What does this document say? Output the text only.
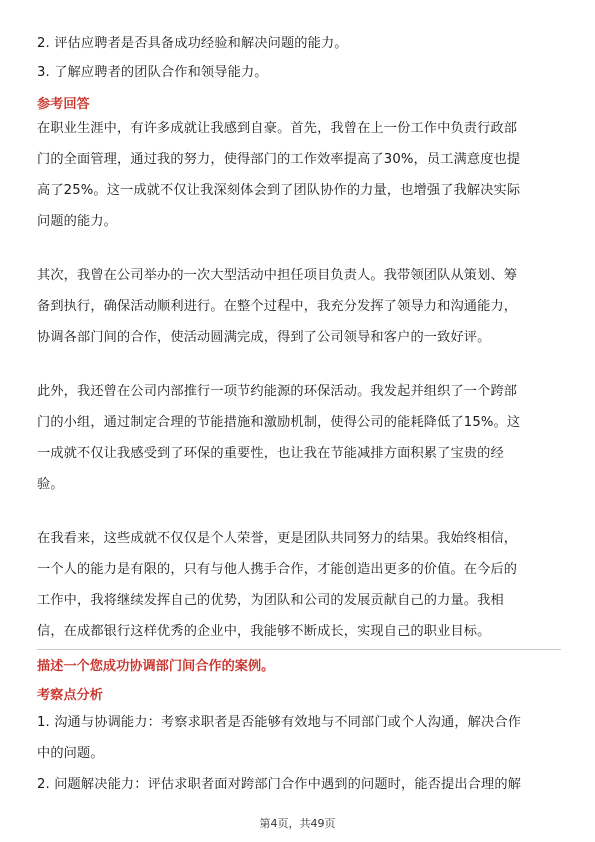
2. 评估应聘者是否具备成功经验和解决问题的能力。
3. 了解应聘者的团队合作和领导能力。
参考回答
在职业生涯中，有许多成就让我感到自豪。首先，我曾在上一份工作中负责行政部
门的全面管理，通过我的努力，使得部门的工作效率提高了30%，员工满意度也提
高了25%。这一成就不仅让我深刻体会到了团队协作的力量，也增强了我解决实际
问题的能力。
其次，我曾在公司举办的一次大型活动中担任项目负责人。我带领团队从策划、筹
备到执行，确保活动顺利进行。在整个过程中，我充分发挥了领导力和沟通能力，
协调各部门间的合作，使活动圆满完成，得到了公司领导和客户的一致好评。
此外，我还曾在公司内部推行一项节约能源的环保活动。我发起并组织了一个跨部
门的小组，通过制定合理的节能措施和激励机制，使得公司的能耗降低了15%。这
一成就不仅让我感受到了环保的重要性，也让我在节能减排方面积累了宝贵的经
验。
在我看来，这些成就不仅仅是个人荣誉，更是团队共同努力的结果。我始终相信，
一个人的能力是有限的，只有与他人携手合作，才能创造出更多的价值。在今后的
工作中，我将继续发挥自己的优势，为团队和公司的发展贡献自己的力量。我相
信，在成都银行这样优秀的企业中，我能够不断成长，实现自己的职业目标。
描述一个您成功协调部门间合作的案例。
考察点分析
1. 沟通与协调能力：考察求职者是否能够有效地与不同部门或个人沟通，解决合作
中的问题。
2. 问题解决能力：评估求职者面对跨部门合作中遇到的问题时，能否提出合理的解
第4页，共49页
